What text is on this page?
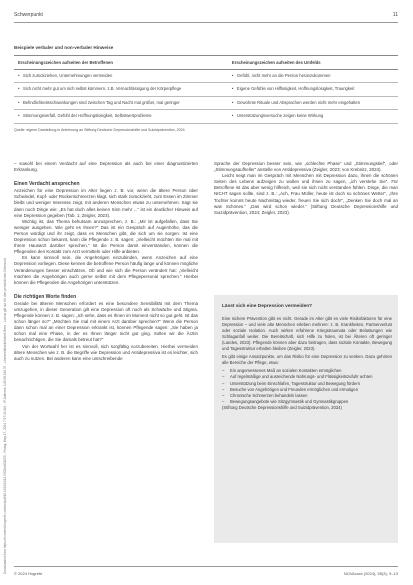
Downloaded from https://econtent.hogrefe.com/doi/pdf/10.1024/1012-5302/a001053 - Friday, May 17, 2024 7:27:29 AM - IP Address: 145.58.240.37 - Universitätsbibliothek Bern - Lizenz gilt nur für den persönlichen Gebrauch
Schwerpunkt	11
Beispiele verbaler und non-verbaler Hinweise
Erscheinungszeichen aufseiten der Betroffenen	Erscheinungszeichen aufseiten des Umfelds
• Sich zurückziehen, Unternehmungen vermeiden	• Gefühl, nicht mehr an die Person heranzukommen
• Sich nicht mehr gut um sich selbst kümmern, z.B. Vernachlässigung der Körperpflege	• Eigene Gefühle von Hilflosigkeit, Hoffnungslosigkeit, Traurigkeit
• Befindlichkeitsschwankungen sind zwischen Tag und Nacht mal größer, mal geringer	• Gewohnte Rituale und Absprachen werden nicht mehr eingehalten
• Stimmungsverfall, Gefühl der Hoffnungslosigkeit, Selbstwertprobleme	• Unterstützungsversuche zeigen keine Wirkung
Quelle: eigene Darstellung in Anlehnung an Stiftung Deutsche Depressionshilfe und Suizidprävention, 2024

– sowohl bei einem Verdacht auf eine Depression als auch bei einer diagnostizierten Erkrankung.

Einen Verdacht ansprechen

Anzeichen für eine Depression im Alter liegen z. B. vor, wenn die ältere Person über Schwindel, Kopf- oder Rückenschmerzen klagt, sich stark zurückzieht, zum Essen im Zimmer bleibt und weniger Interesse zeigt, mit anderen Menschen etwas zu unternehmen. Sagt sie dann noch Dinge wie: „Es hat doch alles keinen Sinn mehr ...“ ist ein deutlicher Hinweis auf eine Depression gegeben (Tab. 1; Zeigler, 2023).

Wichtig ist, das Thema behutsam anzusprechen, z. B.: „Mir ist aufgefallen, dass Sie weniger ausgehen. Wie geht es Ihnen?“ Das ist ein Gespräch auf Augenhöhe, das die Person würdigt und ihr zeigt, dass es Menschen gibt, die sich um sie sorgen. Ist eine Depression schon bekannt, kann die Pflegende z. B. sagen: „Vielleicht möchten Sie mal mit Ihrem Hausarzt darüber sprechen.“ Ist die Person damit einverstanden, können die Pflegenden den Kontakt zum Arzt vermitteln oder Hilfe anbieten.

Es kann sinnvoll sein, die Angehörigen einzubinden, wenn Anzeichen auf eine Depression vorliegen. Diese kennen die betroffene Person häufig lange und können mögliche Veränderungen besser einschätzen. Ob und wie sich die Person verändert hat: „Vielleicht möchten die Angehörigen auch gerne selbst mit dem Pflegepersonal sprechen.“ Hierbei können die Pflegenden die Angehörigen unterstützen.

Die richtigen Worte finden

Gerade bei älteren Menschen erfordert es eine besondere Sensibilität mit dem Thema umzugehen, in dieser Generation gilt eine Depression oft noch als Schwäche und Stigma. Pflegende können z. B. sagen: „Ich sehe, dass es Ihnen im Moment nicht so gut geht. Ist das schon länger so?“ „Möchten Sie mal mit einem Arzt darüber sprechen?“ Wenn die Person dann schon mal an einer Depression erkrankt ist, können Pflegende sagen: „Sie haben ja schon mal eine Phase, in der es Ihnen länger nicht gut ging. Sollen wir die Ärztin benachrichtigen, die Sie damals betreut hat?“

Von der Wortwahl her ist es sinnvoll, sich sorgfältig vorzubereiten. Hierbei vermeiden ältere Menschen wie z. B. die Begriffe wie Depression und Antidepressiva ist es leichter, sich auch zu nutzen. Bei anderen kann eine umschreibende

Sprache der Depression besser sein, wie „schlechte Phase“ und „Stimmungstief“, oder „Stimmungsaufheller“ anstelle von Antidepressiva (Zeigler, 2023; von Krebnitz, 2024).

Leicht neigt man im Gespräch mit Menschen mit Depression dazu, ihnen die schönen Seiten des Lebens aufzeigen zu wollen und ihnen zu sagen, „ich verstehe Sie“. Für Betroffene ist das aber wenig hilfreich, weil sie sich nicht verstanden fühlen. Dinge, die man NICHT sagen sollte, sind z. B.: „Ach, Frau Müller, heute ist doch so schönes Wetter“, „Ihre Tochter kommt heute Nachmittag wieder, freuen Sie sich doch!“, „Denken Sie doch mal an was Schönes.“ „Das wird schon wieder.“ (Stiftung Deutsche Depressionshilfe und Suizidprävention, 2024; Zeigler, 2023).

Lässt sich eine Depression vermeiden?

Eine sichere Prävention gibt es nicht. Gerade im Alter gibt es viele Risikofaktoren für eine Depression – und viele alte Menschen erleben mehrere: z. B. Krankheiten, Partnerverlust oder soziale Isolation. Auch wirken erfahrene Kriegstraumata oder Belastungen wie Schlaganfall weiter. Die Bereitschaft, sich Hilfe zu holen, ist bei Älteren oft geringer (Landes, 2023). Pflegende können aber dazu beitragen, dass soziale Kontakte, Bewegung und Tagesstruktur erhalten bleiben (Zeigler, 2023).

Es gibt einige Ansatzpunkte, um das Risiko für eine Depression zu senken. Dazu gehören alle Bereiche der Pflege, etwa:

– Ein angemessenes Maß an sozialen Kontakten ermöglichen
– Auf regelmäßige und ausreichende Nahrungs- und Flüssigkeitszufuhr achten
– Unterstützung beim Einschlafen, Tagesstruktur und Bewegung fördern
– Besuche von Angehörigen und Freunden ermöglichen und ermutigen
– Chronische Schmerzen behandeln lassen
– Bewegungsangebote wie Sitzgymnastik und Gymnastikgruppen

(Stiftung Deutsche Depressionshilfe und Suizidprävention, 2024)

© 2024 Hogrefe	NOVAcura (2024), 55(3), 9–13
